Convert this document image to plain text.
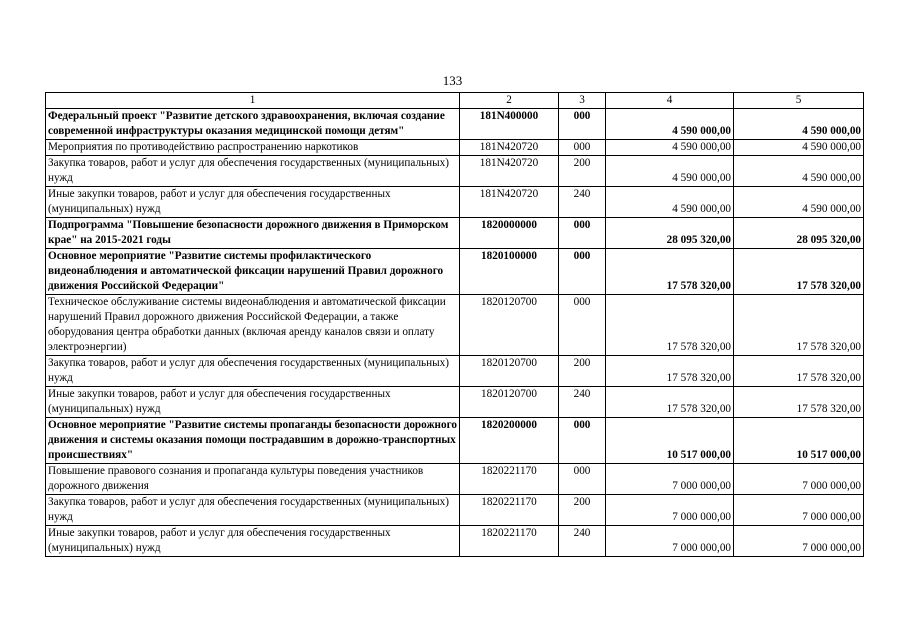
133
1	2	3	4	5
Федеральный проект "Развитие детского здравоохранения, включая создание современной инфраструктуры оказания медицинской помощи детям"	181N400000	000	4 590 000,00	4 590 000,00
Мероприятия по противодействию распространению наркотиков	181N420720	000	4 590 000,00	4 590 000,00
Закупка товаров, работ и услуг для обеспечения государственных (муниципальных) нужд	181N420720	200	4 590 000,00	4 590 000,00
Иные закупки товаров, работ и услуг для обеспечения государственных (муниципальных) нужд	181N420720	240	4 590 000,00	4 590 000,00
Подпрограмма "Повышение безопасности дорожного движения в Приморском крае" на 2015-2021 годы	1820000000	000	28 095 320,00	28 095 320,00
Основное мероприятие "Развитие системы профилактического видеонаблюдения и автоматической фиксации нарушений Правил дорожного движения Российской Федерации"	1820100000	000	17 578 320,00	17 578 320,00
Техническое обслуживание системы видеонаблюдения и автоматической фиксации нарушений Правил дорожного движения Российской Федерации, а также оборудования центра обработки данных (включая аренду каналов связи и оплату электроэнергии)	1820120700	000	17 578 320,00	17 578 320,00
Закупка товаров, работ и услуг для обеспечения государственных (муниципальных) нужд	1820120700	200	17 578 320,00	17 578 320,00
Иные закупки товаров, работ и услуг для обеспечения государственных (муниципальных) нужд	1820120700	240	17 578 320,00	17 578 320,00
Основное мероприятие "Развитие системы пропаганды безопасности дорожного движения и системы оказания помощи пострадавшим в дорожно-транспортных происшествиях"	1820200000	000	10 517 000,00	10 517 000,00
Повышение правового сознания и пропаганда культуры поведения участников дорожного движения	1820221170	000	7 000 000,00	7 000 000,00
Закупка товаров, работ и услуг для обеспечения государственных (муниципальных) нужд	1820221170	200	7 000 000,00	7 000 000,00
Иные закупки товаров, работ и услуг для обеспечения государственных (муниципальных) нужд	1820221170	240	7 000 000,00	7 000 000,00
